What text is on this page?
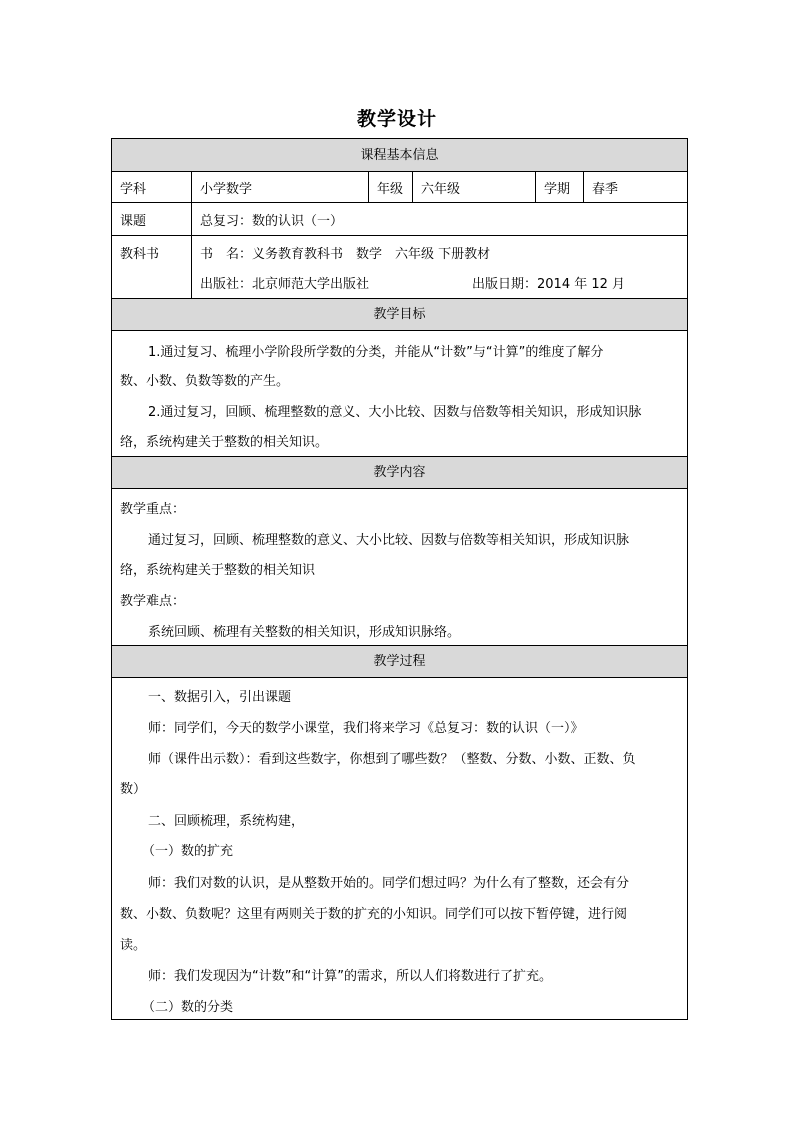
教学设计
课程基本信息
学科	小学数学	年级	六年级	学期	春季
课题	总复习：数的认识（一）
教科书	书　名：义务教育教科书　数学　六年级 下册教材
出版社：北京师范大学出版社	出版日期：2014 年 12 月
教学目标
1.通过复习、梳理小学阶段所学数的分类，并能从“计数”与“计算”的维度了解分
数、小数、负数等数的产生。
2.通过复习，回顾、梳理整数的意义、大小比较、因数与倍数等相关知识，形成知识脉
络，系统构建关于整数的相关知识。
教学内容
教学重点：
通过复习，回顾、梳理整数的意义、大小比较、因数与倍数等相关知识，形成知识脉
络，系统构建关于整数的相关知识
教学难点：
系统回顾、梳理有关整数的相关知识，形成知识脉络。
教学过程
一、数据引入，引出课题
师：同学们，今天的数学小课堂，我们将来学习《总复习：数的认识（一）》
师（课件出示数）：看到这些数字，你想到了哪些数？（整数、分数、小数、正数、负
数）
二、回顾梳理，系统构建，
（一）数的扩充
师：我们对数的认识，是从整数开始的。同学们想过吗？为什么有了整数，还会有分
数、小数、负数呢？这里有两则关于数的扩充的小知识。同学们可以按下暂停键，进行阅
读。
师：我们发现因为“计数”和“计算”的需求，所以人们将数进行了扩充。
（二）数的分类
